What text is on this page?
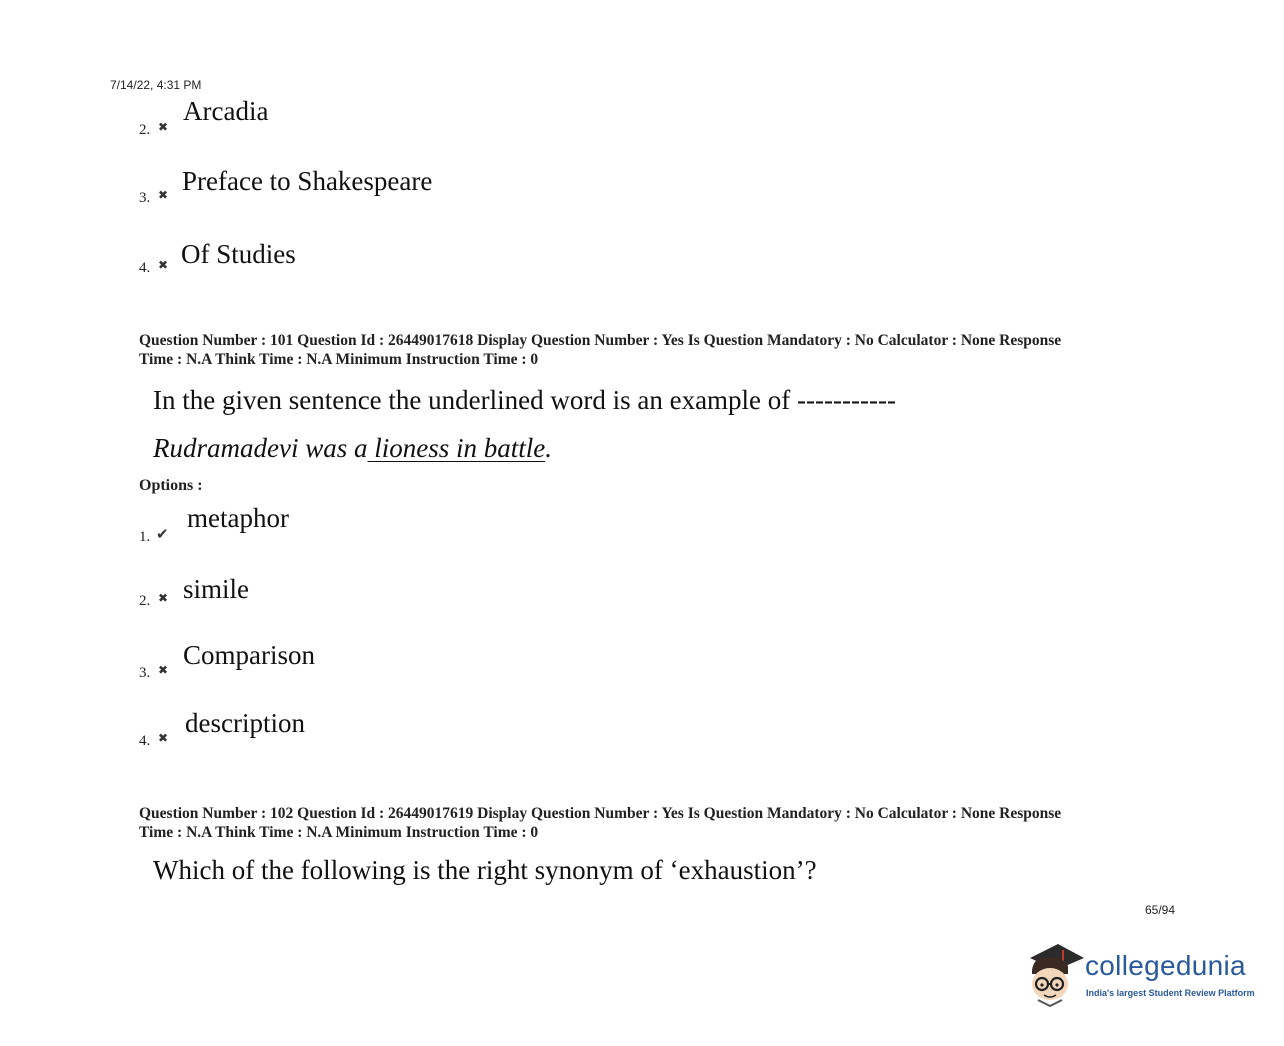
7/14/22, 4:31 PM
2. ✖
Arcadia
3. ✖ Preface to Shakespeare
4. ✖ Of Studies
Question Number : 101 Question Id : 26449017618 Display Question Number : Yes Is Question Mandatory : No Calculator : None Response
Time : N.A Think Time : N.A Minimum Instruction Time : 0
In the given sentence the underlined word is an example of -----------
Rudramadevi was a lioness in battle.
Options :
1. ✔
metaphor
2. ✖ simile
3. ✖ Comparison
4. ✖ description
Question Number : 102 Question Id : 26449017619 Display Question Number : Yes Is Question Mandatory : No Calculator : None Response
Time : N.A Think Time : N.A Minimum Instruction Time : 0
Which of the following is the right synonym of ‘exhaustion’?
65/94
collegedunia
India's largest Student Review Platform
